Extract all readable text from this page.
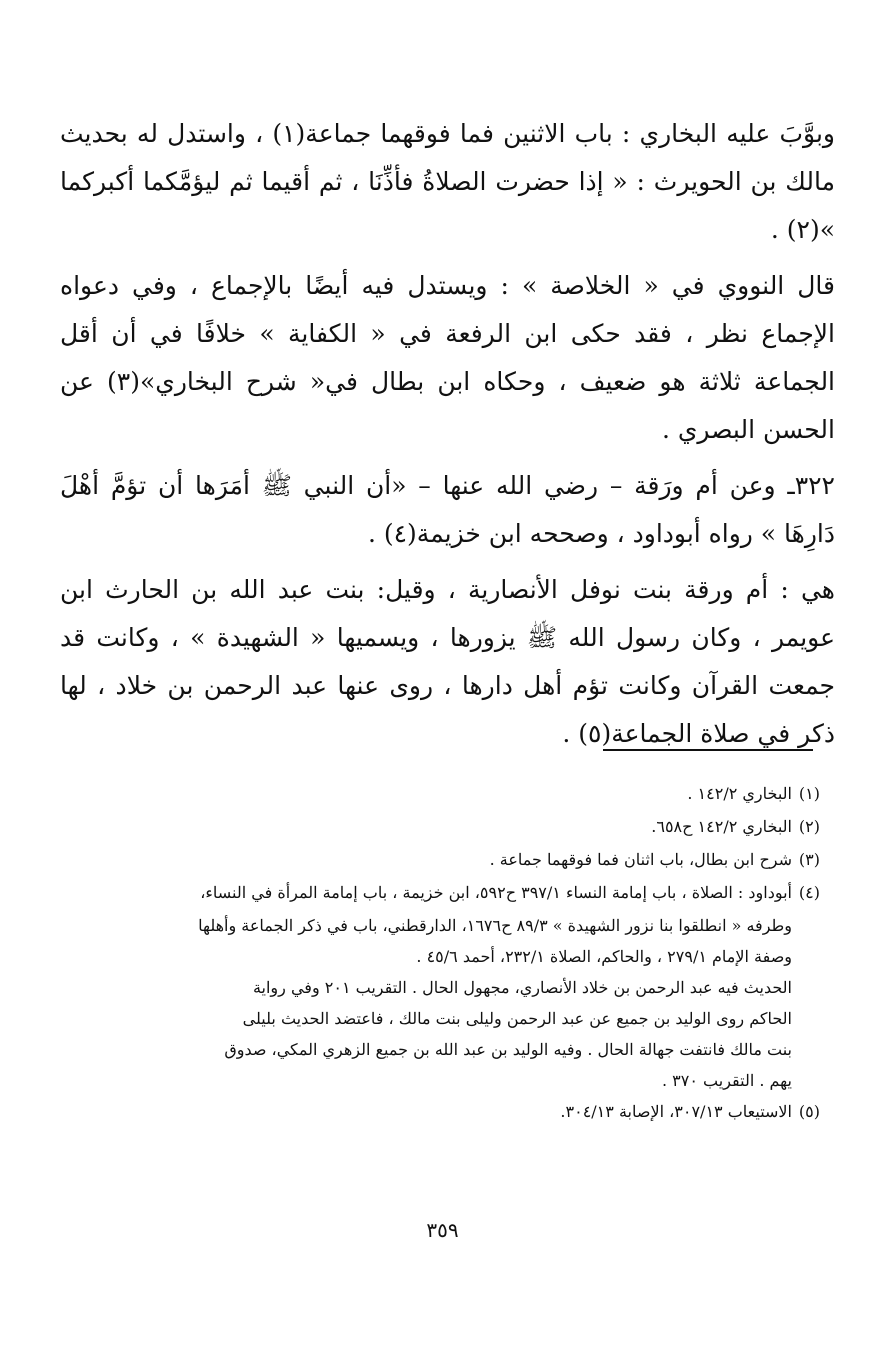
وبوَّبَ عليه البخاري : باب الاثنين فما فوقهما جماعة(١) ، واستدل له بحديث مالك بن الحويرث : « إذا حضرت الصلاةُ فأذِّنَا ، ثم أقيما ثم ليؤمَّكما أكبركما »(٢) .

قال النووي في « الخلاصة » : ويستدل فيه أيضًا بالإجماع ، وفي دعواه الإجماع نظر ، فقد حكى ابن الرفعة في « الكفاية » خلافًا في أن أقل الجماعة ثلاثة هو ضعيف ، وحكاه ابن بطال في« شرح البخاري»(٣) عن الحسن البصري .

٣٢٢ـ وعن أم ورَقة – رضي الله عنها – «أن النبي ﷺ أمَرَها أن تؤمَّ أهْلَ دَارِهَا » رواه أبوداود ، وصححه ابن خزيمة(٤) .

هي : أم ورقة بنت نوفل الأنصارية ، وقيل: بنت عبد الله بن الحارث ابن عويمر ، وكان رسول الله ﷺ يزورها ، ويسميها « الشهيدة » ، وكانت قد جمعت القرآن وكانت تؤم أهل دارها ، روى عنها عبد الرحمن بن خلاد ، لها ذكر في صلاة الجماعة(٥) .

(١)البخاري ١٤٢/٢ .

(٢)البخاري ١٤٢/٢ ح٦٥٨.

(٣)شرح ابن بطال، باب اثنان فما فوقهما جماعة .

(٤)أبوداود : الصلاة ، باب إمامة النساء ٣٩٧/١ ح٥٩٢، ابن خزيمة ، باب إمامة المرأة في النساء،

وطرفه « انطلقوا بنا نزور الشهيدة » ٨٩/٣ ح١٦٧٦، الدارقطني، باب في ذكر الجماعة وأهلها

وصفة الإمام ٢٧٩/١ ، والحاكم، الصلاة ٢٣٢/١، أحمد ٤٥/٦ .

الحديث فيه عبد الرحمن بن خلاد الأنصاري، مجهول الحال . التقريب ٢٠١ وفي رواية

الحاكم روى الوليد بن جميع عن عبد الرحمن وليلى بنت مالك ، فاعتضد الحديث بليلى

بنت مالك فانتفت جهالة الحال . وفيه الوليد بن عبد الله بن جميع الزهري المكي، صدوق

يهم . التقريب ٣٧٠ .

(٥)الاستيعاب ٣٠٧/١٣، الإصابة ٣٠٤/١٣.

٣٥٩
